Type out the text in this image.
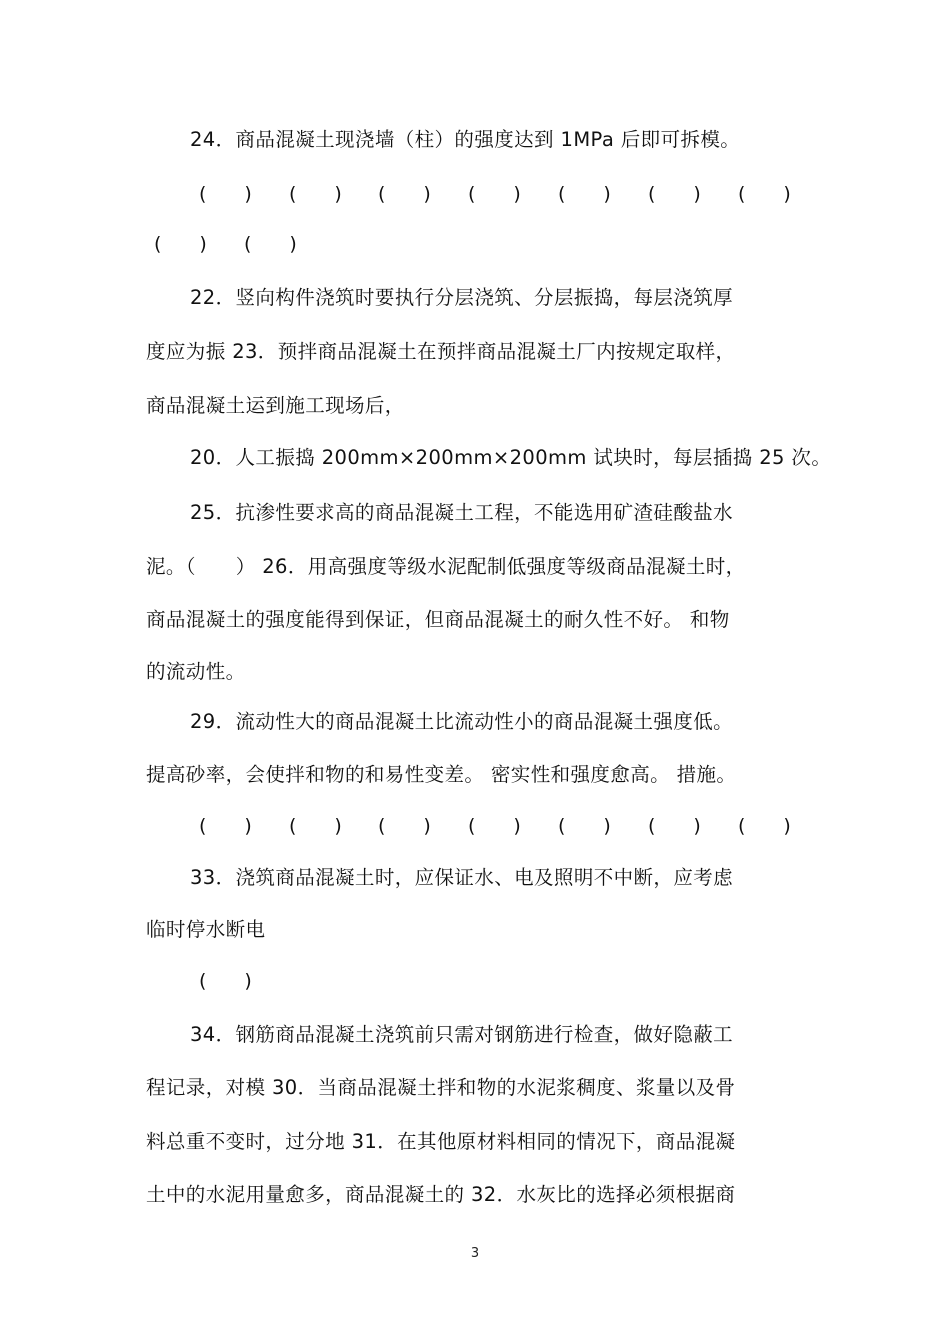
24．商品混凝土现浇墙（柱）的强度达到 1MPa 后即可拆模。
(　　) (　　) (　　) (　　) (　　) (　　) (　　)
(　　) (　　)
22．竖向构件浇筑时要执行分层浇筑、分层振捣，每层浇筑厚
度应为振 23．预拌商品混凝土在预拌商品混凝土厂内按规定取样，
商品混凝土运到施工现场后，
20．人工振捣 200mm×200mm×200mm 试块时，每层插捣 25 次。
25．抗渗性要求高的商品混凝土工程，不能选用矿渣硅酸盐水
泥。（　　） 26．用高强度等级水泥配制低强度等级商品混凝土时，
商品混凝土的强度能得到保证，但商品混凝土的耐久性不好。 和物
的流动性。
29．流动性大的商品混凝土比流动性小的商品混凝土强度低。
提高砂率，会使拌和物的和易性变差。 密实性和强度愈高。 措施。
(　　) (　　) (　　) (　　) (　　) (　　) (　　)
33．浇筑商品混凝土时，应保证水、电及照明不中断，应考虑
临时停水断电
(　　)
34．钢筋商品混凝土浇筑前只需对钢筋进行检查，做好隐蔽工
程记录，对模 30．当商品混凝土拌和物的水泥浆稠度、浆量以及骨
料总重不变时，过分地 31．在其他原材料相同的情况下，商品混凝
土中的水泥用量愈多，商品混凝土的 32．水灰比的选择必须根据商
3
